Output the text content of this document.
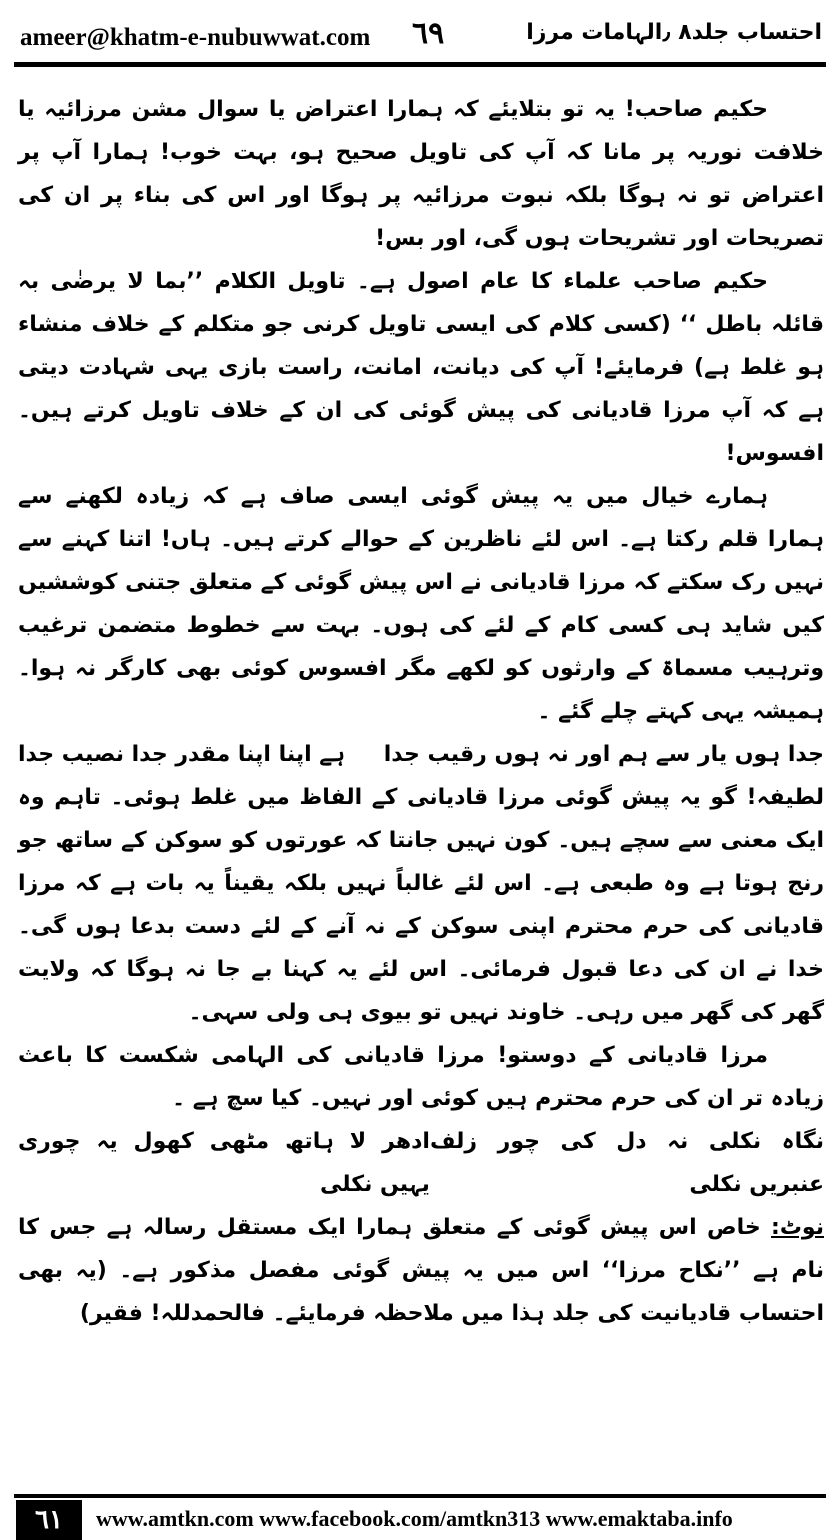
ameer@khatm-e-nubuwwat.com ٦٩	احتساب جلد۸ ٫الہامات مرزا

حکیم صاحب! یہ تو بتلایئے کہ ہمارا اعتراض یا سوال مشن مرزائیہ یا خلافت نوریہ پر مانا کہ آپ کی تاویل صحیح ہو، بہت خوب! ہمارا آپ پر اعتراض تو نہ ہوگا بلکہ نبوت مرزائیہ پر ہوگا اور اس کی بناء پر ان کی تصریحات اور تشریحات ہوں گی، اور بس!

حکیم صاحب علماء کا عام اصول ہے۔ تاویل الکلام ’’بما لا یرضٰی بہ قائلہ باطل ‘‘ (کسی کلام کی ایسی تاویل کرنی جو متکلم کے خلاف منشاء ہو غلط ہے) فرمایئے! آپ کی دیانت، امانت، راست بازی یہی شہادت دیتی ہے کہ آپ مرزا قادیانی کی پیش گوئی کی ان کے خلاف تاویل کرتے ہیں۔ افسوس!

ہمارے خیال میں یہ پیش گوئی ایسی صاف ہے کہ زیادہ لکھنے سے ہمارا قلم رکتا ہے۔ اس لئے ناظرین کے حوالے کرتے ہیں۔ ہاں! اتنا کہنے سے نہیں رک سکتے کہ مرزا قادیانی نے اس پیش گوئی کے متعلق جتنی کوششیں کیں شاید ہی کسی کام کے لئے کی ہوں۔ بہت سے خطوط متضمن ترغیب وترہیب مسماۃ کے وارثوں کو لکھے مگر افسوس کوئی بھی کارگر نہ ہوا۔ ہمیشہ یہی کہتے چلے گئے ۔

جدا ہوں یار سے ہم اور نہ ہوں رقیب جدا
ہے اپنا اپنا مقدر جدا نصیب جدا

لطیفہ! گو یہ پیش گوئی مرزا قادیانی کے الفاظ میں غلط ہوئی۔ تاہم وہ ایک معنی سے سچے ہیں۔ کون نہیں جانتا کہ عورتوں کو سوکن کے ساتھ جو رنج ہوتا ہے وہ طبعی ہے۔ اس لئے غالباً نہیں بلکہ یقیناً یہ بات ہے کہ مرزا قادیانی کی حرم محترم اپنی سوکن کے نہ آنے کے لئے دست بدعا ہوں گی۔ خدا نے ان کی دعا قبول فرمائی۔ اس لئے یہ کہنا بے جا نہ ہوگا کہ ولایت گھر کی گھر میں رہی۔ خاوند نہیں تو بیوی ہی ولی سہی۔

مرزا قادیانی کے دوستو! مرزا قادیانی کی الہامی شکست کا باعث زیادہ تر ان کی حرم محترم ہیں کوئی اور نہیں۔ کیا سچ ہے ۔

نگاہ نکلی نہ دل کی چور زلف عنبریں نکلی
ادھر لا ہاتھ مٹھی کھول یہ چوری یہیں نکلی

نوٹ: خاص اس پیش گوئی کے متعلق ہمارا ایک مستقل رسالہ ہے جس کا نام ہے ’’نکاح مرزا‘‘ اس میں یہ پیش گوئی مفصل مذکور ہے۔ (یہ بھی احتساب قادیانیت کی جلد ہذا میں ملاحظہ فرمایئے۔ فالحمدللہ! فقیر)

٦١	www.amtkn.com www.facebook.com/amtkn313 www.emaktaba.info
